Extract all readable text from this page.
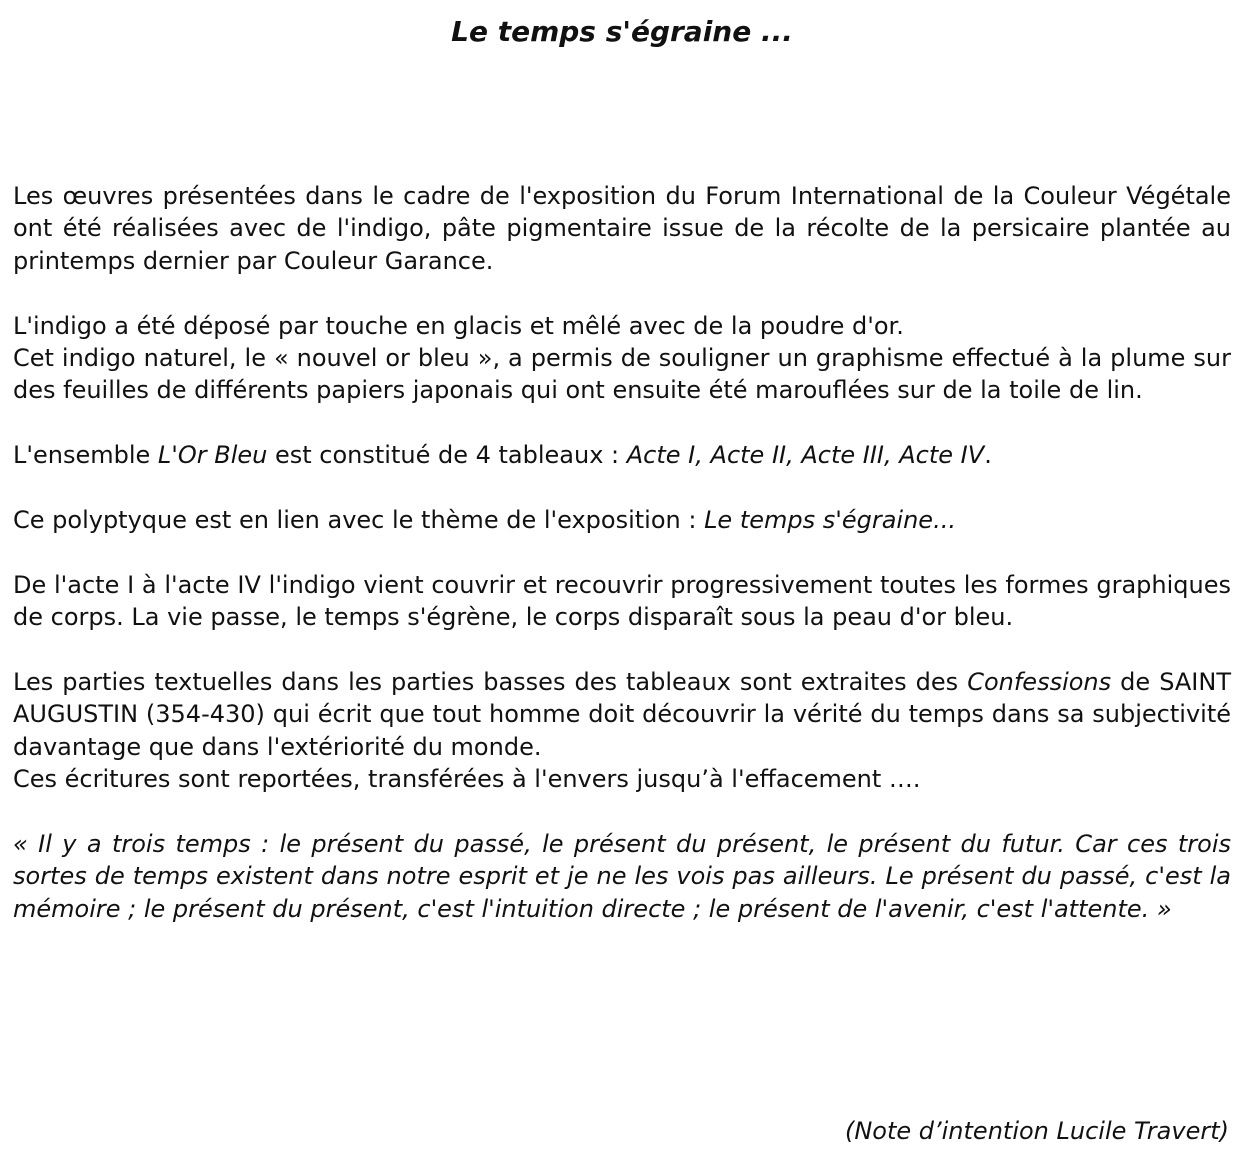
Le temps s'égraine ...

Les œuvres présentées dans le cadre de l'exposition du Forum International de la Couleur Végétale ont été réalisées avec de l'indigo, pâte pigmentaire issue de la récolte de la persicaire plantée au printemps dernier par Couleur Garance.

L'indigo a été déposé par touche en glacis et mêlé avec de la poudre d'or.

Cet indigo naturel, le « nouvel or bleu », a permis de souligner un graphisme effectué à la plume sur des feuilles de différents papiers japonais qui ont ensuite été marouflées sur de la toile de lin.

L'ensemble L'Or Bleu est constitué de 4 tableaux : Acte I, Acte II, Acte III, Acte IV.

Ce polyptyque est en lien avec le thème de l'exposition : Le temps s'égraine...

De l'acte I à l'acte IV l'indigo vient couvrir et recouvrir progressivement toutes les formes graphiques de corps. La vie passe, le temps s'égrène, le corps disparaît sous la peau d'or bleu.

Les parties textuelles dans les parties basses des tableaux sont extraites des Confessions de SAINT AUGUSTIN (354-430) qui écrit que tout homme doit découvrir la vérité du temps dans sa subjectivité davantage que dans l'extériorité du monde.

Ces écritures sont reportées, transférées à l'envers jusqu’à l'effacement ….

« Il y a trois temps : le présent du passé, le présent du présent, le présent du futur. Car ces trois sortes de temps existent dans notre esprit et je ne les vois pas ailleurs. Le présent du passé, c'est la mémoire ; le présent du présent, c'est l'intuition directe ; le présent de l'avenir, c'est l'attente. »

(Note d’intention Lucile Travert)
